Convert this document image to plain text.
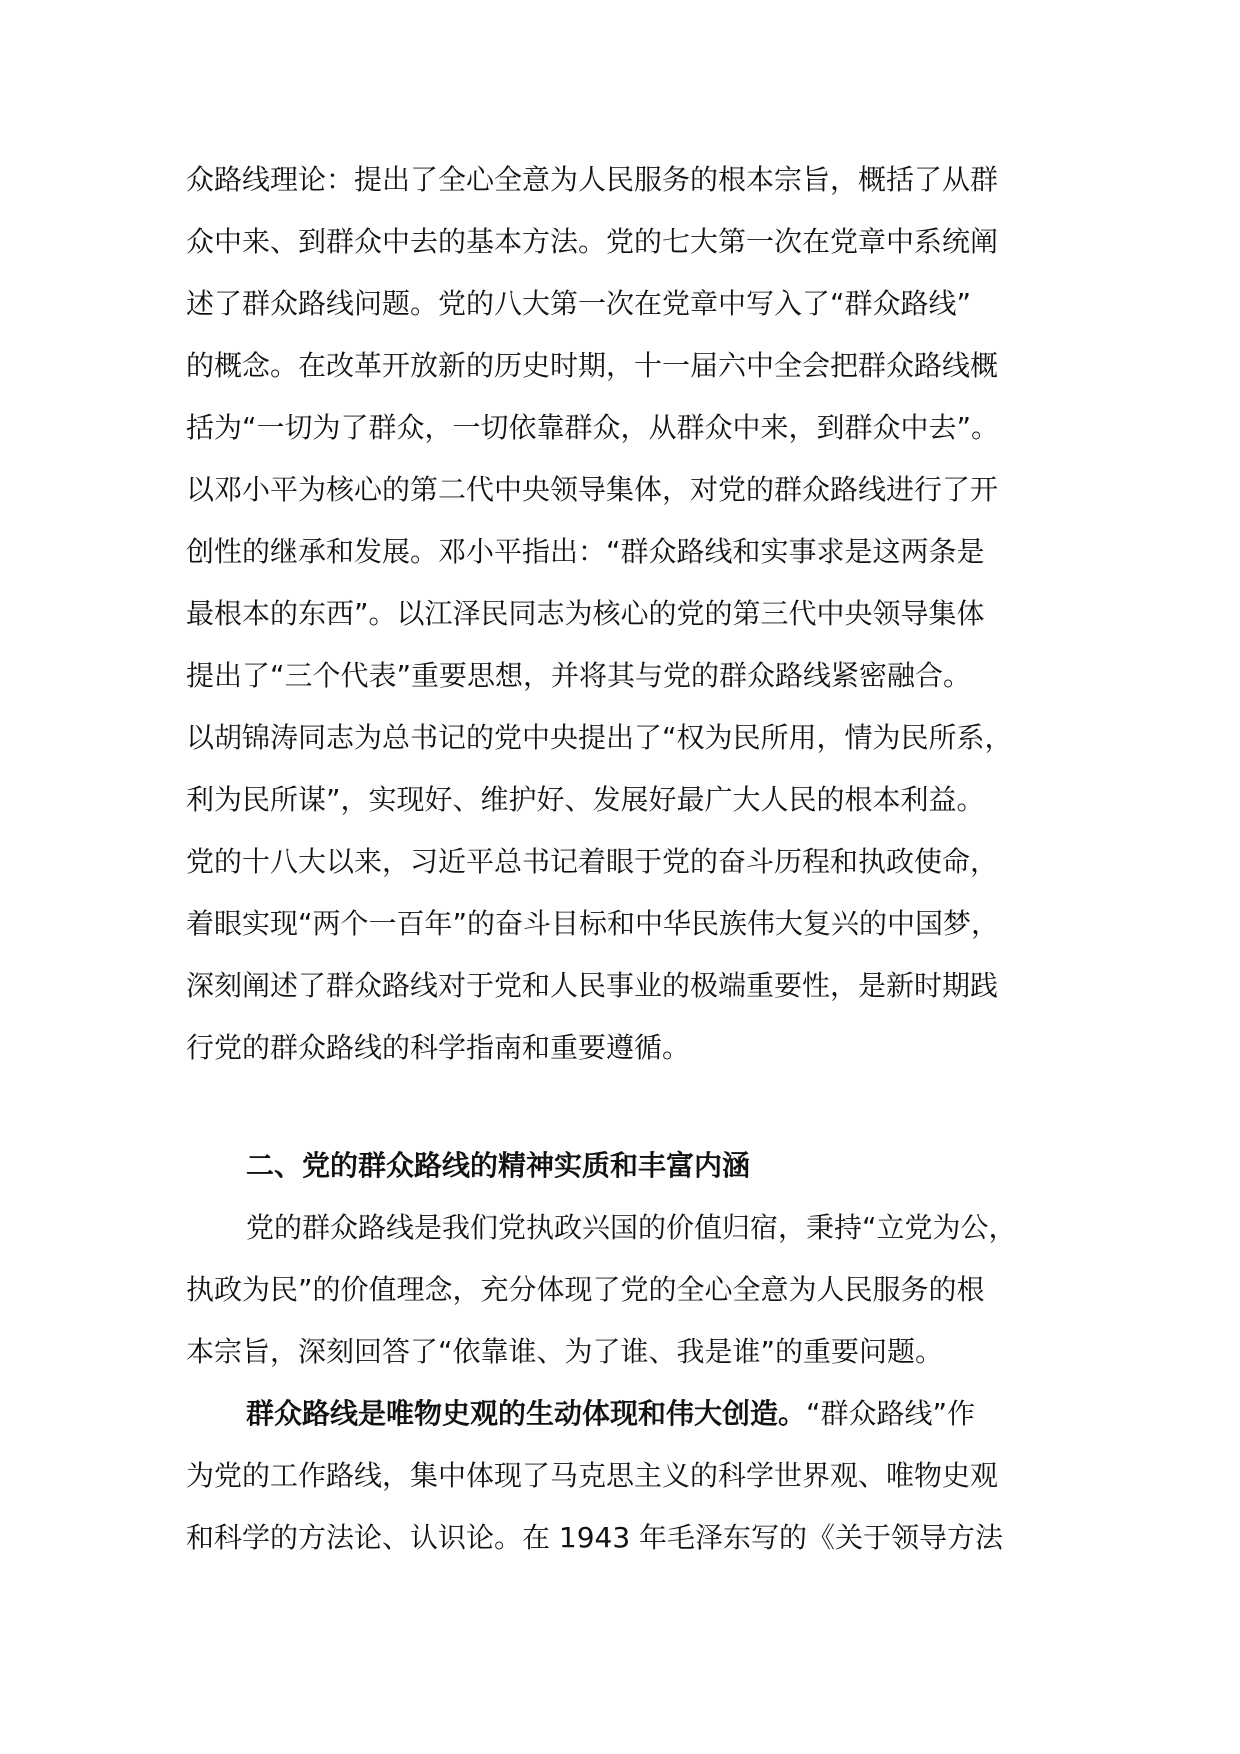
众路线理论：提出了全心全意为人民服务的根本宗旨，概括了从群
众中来、到群众中去的基本方法。党的七大第一次在党章中系统阐
述了群众路线问题。党的八大第一次在党章中写入了“群众路线”
的概念。在改革开放新的历史时期，十一届六中全会把群众路线概
括为“一切为了群众，一切依靠群众，从群众中来，到群众中去”。
以邓小平为核心的第二代中央领导集体，对党的群众路线进行了开
创性的继承和发展。邓小平指出：“群众路线和实事求是这两条是
最根本的东西”。以江泽民同志为核心的党的第三代中央领导集体
提出了“三个代表”重要思想，并将其与党的群众路线紧密融合。
以胡锦涛同志为总书记的党中央提出了“权为民所用，情为民所系，
利为民所谋”，实现好、维护好、发展好最广大人民的根本利益。
党的十八大以来，习近平总书记着眼于党的奋斗历程和执政使命，
着眼实现“两个一百年”的奋斗目标和中华民族伟大复兴的中国梦，
深刻阐述了群众路线对于党和人民事业的极端重要性，是新时期践
行党的群众路线的科学指南和重要遵循。
二、党的群众路线的精神实质和丰富内涵
党的群众路线是我们党执政兴国的价值归宿，秉持“立党为公，
执政为民”的价值理念，充分体现了党的全心全意为人民服务的根
本宗旨，深刻回答了“依靠谁、为了谁、我是谁”的重要问题。
群众路线是唯物史观的生动体现和伟大创造。“群众路线”作
为党的工作路线，集中体现了马克思主义的科学世界观、唯物史观
和科学的方法论、认识论。在 1943 年毛泽东写的《关于领导方法
